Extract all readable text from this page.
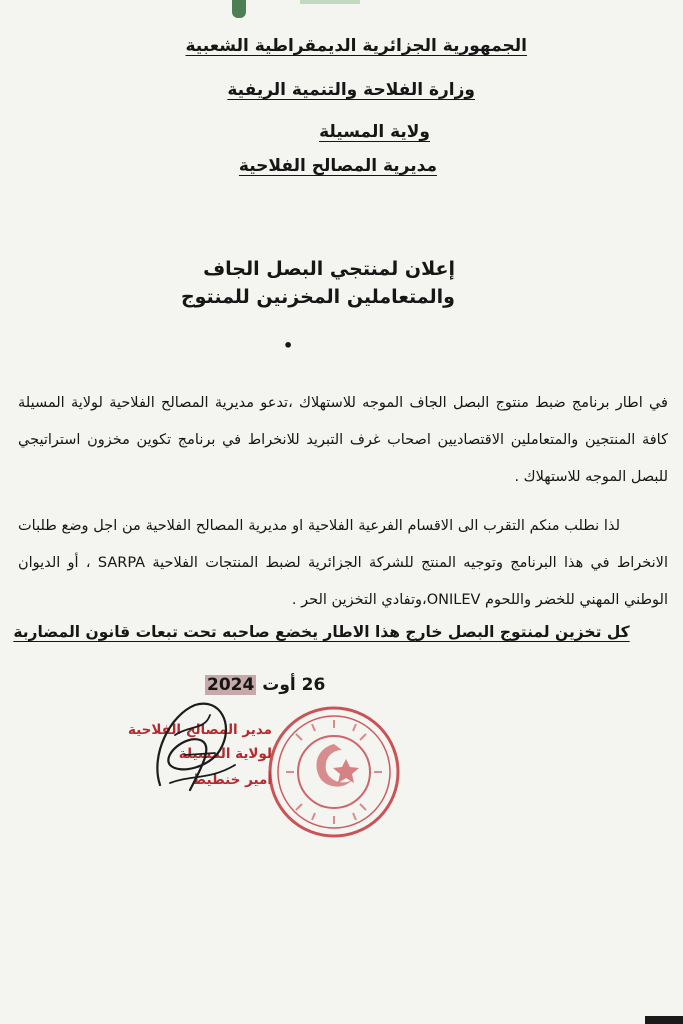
الجمهورية الجزائرية الديمقراطية الشعبية
وزارة الفلاحة والتنمية الريفية
ولاية المسيلة
مديرية المصالح الفلاحية
إعلان لمنتجي البصل الجاف
والمتعاملين المخزنين للمنتوج
•

في اطار برنامج ضبط منتوج البصل الجاف الموجه للاستهلاك ،تدعو مديرية المصالح الفلاحية لولاية المسيلة كافة المنتجين والمتعاملين الاقتصاديين اصحاب غرف التبريد للانخراط في برنامج تكوين مخزون استراتيجي للبصل الموجه للاستهلاك .

لذا نطلب منكم التقرب الى الاقسام الفرعية الفلاحية او مديرية المصالح الفلاحية من اجل وضع طلبات الانخراط في هذا البرنامج وتوجيه المنتج للشركة الجزائرية لضبط المنتجات الفلاحية SARPA ، أو الديوان الوطني المهني للخضر واللحوم ONILEV،وتفادي التخزين الحر .

كل تخزين لمنتوج البصل خارج هذا الاطار يخضع صاحبه تحت تبعات قانون المضاربة
26 أوت 2024
مدير المصالح الفلاحية
لولاية المسيلة
أمير خنطيط
